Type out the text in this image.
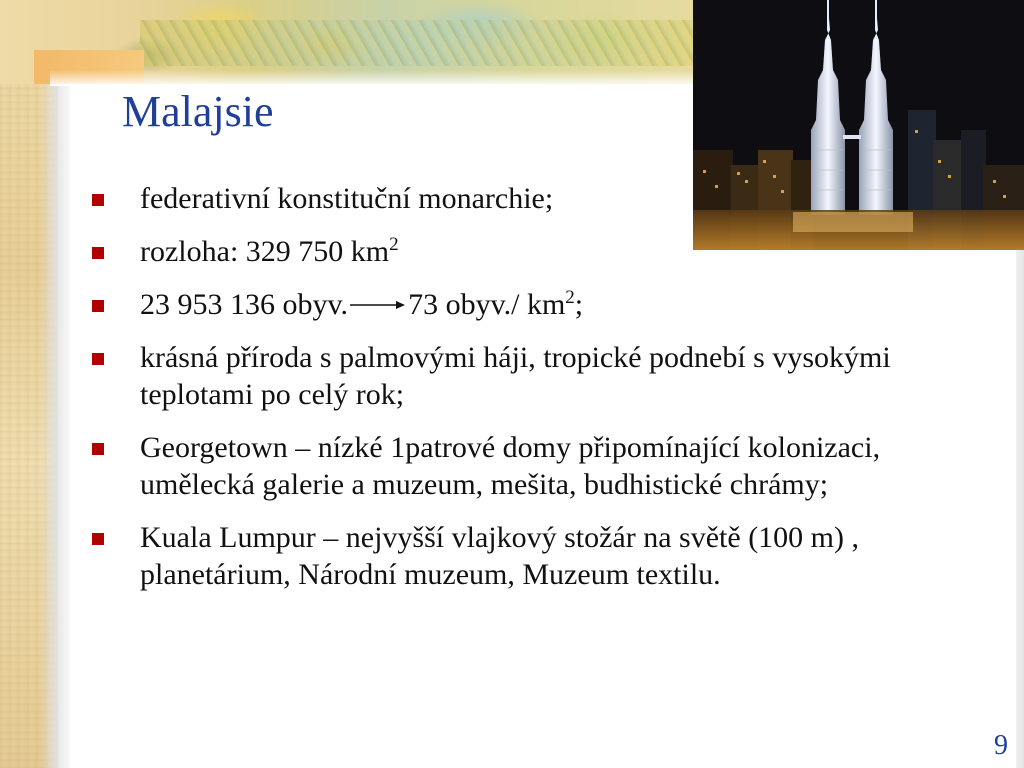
Malajsie
federativní konstituční monarchie;
rozloha: 329 750 $km^2$
23 953 136 obyv. 73 obyv./ $km^2$;
krásná příroda s palmovými háji, tropické podnebí s vysokými teplotami po celý rok;
Georgetown – nízké 1patrové domy připomínající kolonizaci, umělecká galerie a muzeum, mešita, budhistické chrámy;
Kuala Lumpur – nejvyšší vlajkový stožár na světě (100 m) , planetárium, Národní muzeum, Muzeum textilu.
9
